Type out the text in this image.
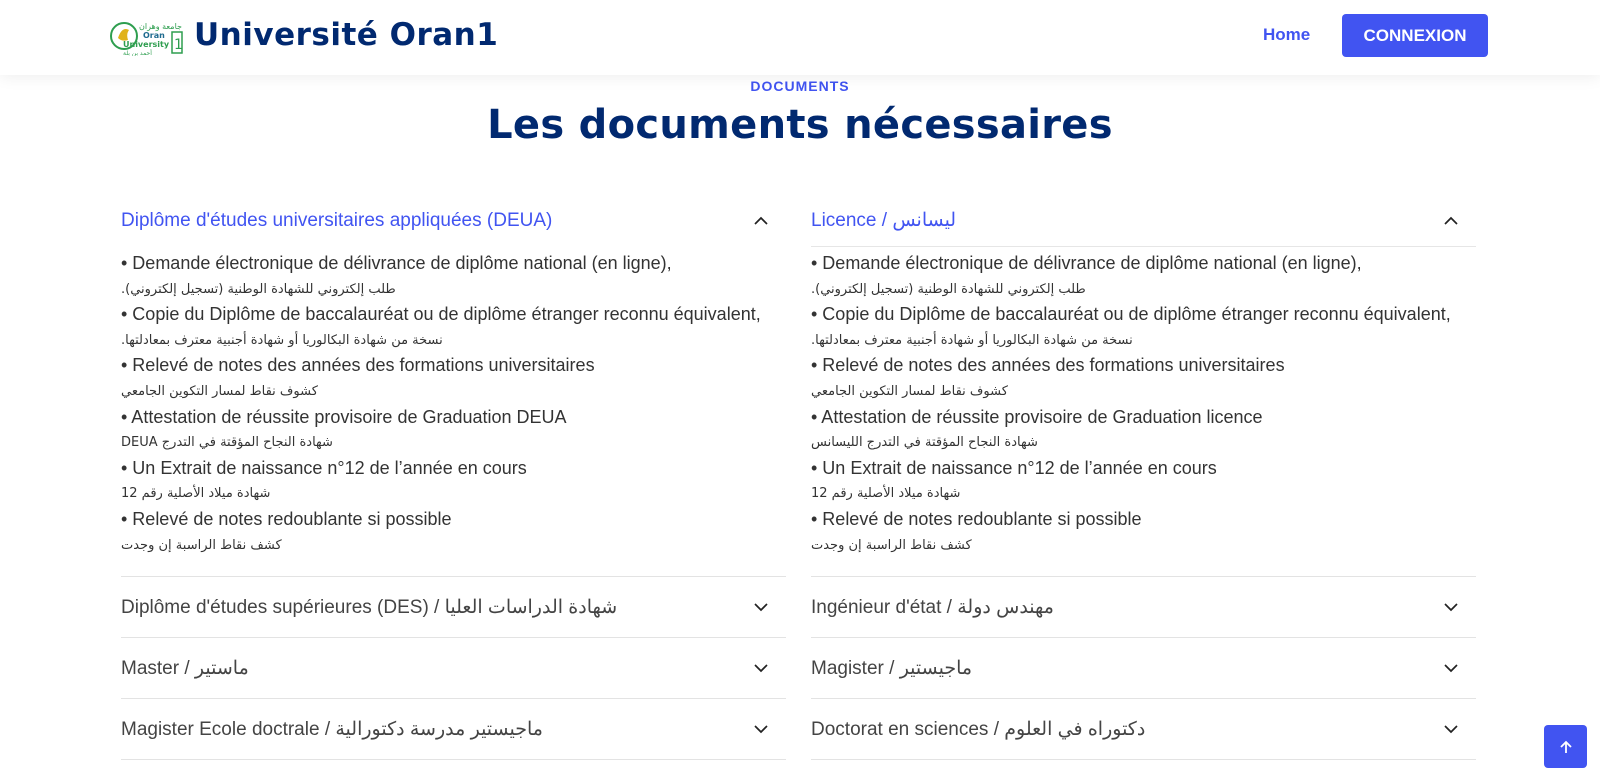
جامعة وهران
Oran
University
أحمد بن بلة
1 Université Oran1	Home	CONNEXION
DOCUMENTS
Les documents nécessaires
Diplôme d'études universitaires appliquées (DEUA)
• Demande électronique de délivrance de diplôme national (en ligne),
طلب إلكتروني للشهادة الوطنية (تسجيل إلكتروني).
• Copie du Diplôme de baccalauréat ou de diplôme étranger reconnu équivalent,
نسخة من شهادة البكالوريا أو شهادة أجنبية معترف بمعادلتها.
• Relevé de notes des années des formations universitaires
كشوف نقاط لمسار التكوين الجامعي
• Attestation de réussite provisoire de Graduation DEUA
شهادة النجاح المؤقتة في التدرج DEUA
• Un Extrait de naissance n°12 de l’année en cours
شهادة ميلاد الأصلية رقم 12
• Relevé de notes redoublante si possible
كشف نقاط الراسبة إن وجدت
Diplôme d'études supérieures (DES) / شهادة الدراسات العليا
Master / ماستير
Magister Ecole doctrale / ماجيستير مدرسة دكتورالية
Licence / ليسانس
• Demande électronique de délivrance de diplôme national (en ligne),
طلب إلكتروني للشهادة الوطنية (تسجيل إلكتروني).
• Copie du Diplôme de baccalauréat ou de diplôme étranger reconnu équivalent,
نسخة من شهادة البكالوريا أو شهادة أجنبية معترف بمعادلتها.
• Relevé de notes des années des formations universitaires
كشوف نقاط لمسار التكوين الجامعي
• Attestation de réussite provisoire de Graduation licence
شهادة النجاح المؤقتة في التدرج الليسانس
• Un Extrait de naissance n°12 de l’année en cours
شهادة ميلاد الأصلية رقم 12
• Relevé de notes redoublante si possible
كشف نقاط الراسبة إن وجدت
Ingénieur d'état / مهندس دولة
Magister / ماجيستير
Doctorat en sciences / دكتوراه في العلوم
